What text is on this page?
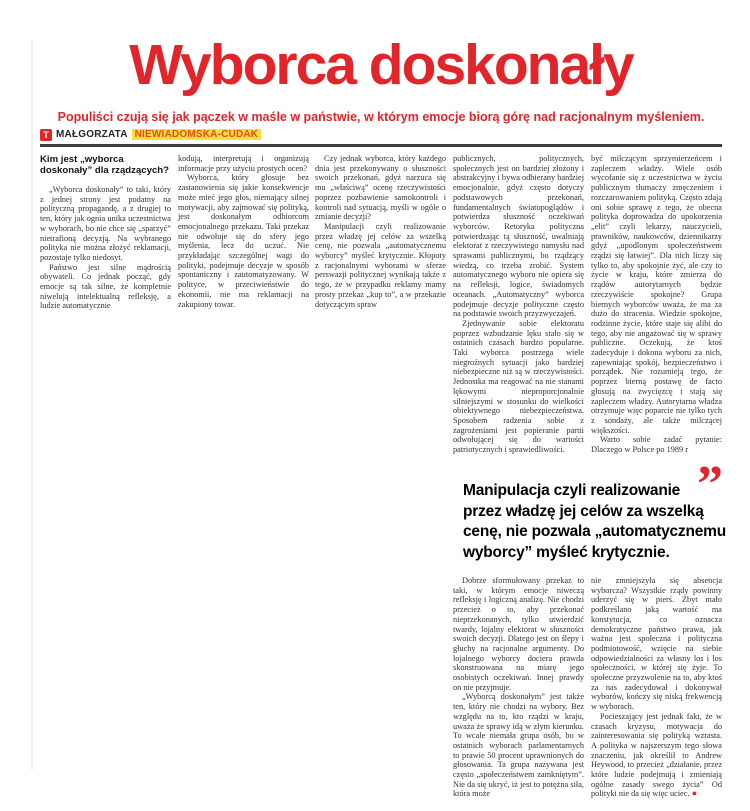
Wyborca doskonały
Populiści czują się jak pączek w maśle w państwie, w którym emocje biorą górę nad racjonalnym myśleniem.
T MAŁGORZATA NIEWIADOMSKA-CUDAK
Kim jest „wyborca doskonały” dla rządzących?

„Wyborca doskonały” to taki, który z jednej strony jest podatny na polityczną propagandę, a z drugiej to ten, który jak ognia unika uczestnictwa w wyborach, bo nie chce się „sparzyć” nietrafioną decyzją. Na wybranego polityka nie można złożyć reklamacji, pozostaje tylko niedosyt.

Państwo jest silne mądrością obywateli. Co jednak począć, gdy emocje są tak silne, że kompletnie niwelują intelektualną refleksję, a ludzie automatycznie

kodują, interpretują i organizują informacje przy użyciu prostych ocen?

Wyborca, który głosuje bez zastanowienia się jakie konsekwencje może mieć jego głos, niemający silnej motywacji, aby zajmować się polityką, jest doskonałym odbiorcom emocjonalnego przekazu. Taki przekaz nie odwołuje się do sfery jego myślenia, lecz do uczuć. Nie przykładając szczególnej wagi do polityki, podejmuje decyzje w sposób spontaniczny i zautomatyzowany. W polityce, w przeciwieństwie do ekonomii, nie ma reklamacji na zakupiony towar.

Czy jednak wyborca, który każdego dnia jest przekonywany o słuszności swoich przekonań, gdyż narzuca się mu „właściwą” ocenę rzeczywistości poprzez pozbawienie samokontroli i kontroli nad sytuacją, myśli w ogóle o zmianie decyzji?

Manipulacji czyli realizowanie przez władzę jej celów za wszelką cenę, nie pozwala „automatycznemu wyborcy” myśleć krytycznie. Kłopoty z racjonalnymi wyborami w sferze perswazji politycznej wynikają także z tego, że w przypadku reklamy mamy prosty przekaz „kup to”, a w przekazie dotyczącym spraw

publicznych, politycznych, społecznych jest on bardziej złożony i abstrakcyjny i bywa odbierany bardziej emocjonalnie, gdyż często dotyczy podstawowych przekonań, fundamentalnych światopoglądów i potwierdza słuszność oczekiwań wyborców. Retoryka polityczna potwierdzając tą słuszność, uwalniają elektorat z rzeczywistego namysłu nad sprawami publicznymi, bo rządzący wiedzą, co trzeba zrobić. System automatycznego wyboru nie opiera się na refleksji, logice, świadomych oceanach. „Automatyczny” wyborca podejmuje decyzje polityczne często na podstawie swoich przyzwyczajeń.

Zjednywanie sobie elektoratu poprzez wzbudzanie lęku stało się w ostatnich czasach bardzo popularne. Taki wyborca postrzega wiele niegroźnych sytuacji jako bardziej niebezpieczne niż są w rzeczywistości. Jednostka ma reagować na nie stanami lękowymi nieproporcjonalnie silniejszymi w stosunku do wielkości obiektywnego niebezpieczeństwa. Sposobem radzenia sobie z zagrożeniami jest popieranie partii odwołującej się do wartości patriotycznych i sprawiedliwości.

być milczącym sprzymierzeńcem i zapleczem władzy. Wiele osób wycofanie się z uczestnictwa w życiu publicznym tłumaczy zmęczeniem i rozczarowaniem polityką. Często zdają oni sobie sprawę z tego, że obecna polityka doprowadza do upokorzenia „elit” czyli lekarzy, nauczycieli, prawników, naukowców, dziennikarzy gdyż „upodlonym społeczeństwem rządzi się łatwiej”. Dla nich liczy się tylko to, aby spokojnie żyć, ale czy to życie w kraju, które zmierza do rządów autorytarnych będzie rzeczywiście spokojne? Grupa biernych wyborców uważa, że ma za dużo do stracenia. Wiedzie spokojne, rodzinne życie, które staje się alibi do tego, aby nie angażować się w sprawy publiczne. Oczekują, że ktoś zadecyduje i dokona wyboru za nich, zapewniając spokój, bezpieczeństwo i porządek. Nie rozumieją tego, że poprzez bierną postawę de facto głosują na zwycięzcę i stają się zapleczem władzy. Autorytarna władza otrzymuje więc poparcie nie tylko tych z sondaży, ale także milczącej większości.

Warto sobie zadać pytanie: Dlaczego w Polsce po 1989 r

”
Manipulacja czyli realizowanie
przez władzę jej celów za wszelką
cenę, nie pozwala „automatycznemu
wyborcy” myśleć krytycznie.

Dobrze sformułowany przekaz to taki, w którym emocje niweczą refleksję i logiczną analizę. Nie chodzi przecież o to, aby przekonać nieprzekonanych, tylko utwierdzić twardy, lojalny elektorat w słuszności swoich decyzji. Dlatego jest on ślepy i głuchy na racjonalne argumenty. Do lojalnego wyborcy dociera prawda skonstruowana na miarę jego osobistych oczekiwań. Innej prawdy on nie przyjmuje.

„Wyborcą doskonałym” jest także ten, który nie chodzi na wybory. Bez względu na to, kto rządzi w kraju, uważa że sprawy idą w złym kierunku. To wcale niemała grupa osób, bo w ostatnich wyborach parlamentarnych to prawie 50 procent uprawnionych do głosowania. Ta grupa nazywana jest często „społeczeństwem zamkniętym”. Nie da się ukryć, iż jest to potężna siła, która może

nie zmniejszyła się absencja wyborcza? Wszystkie rządy powinny uderzyć się w pierś. Zbyt mało podkreślano jaką wartość ma konstytucja, co oznacza demokratyczne państwo prawa, jak ważna jest społeczna i polityczna podmiotowość, wzięcie na siebie odpowiedzialności za własny los i los społeczności, w której się żyje. To społeczne przyzwolenie na to, aby ktoś za nas zadecydował i dokonywał wyborów, kończy się niską frekwencją w wyborach.

Pocieszający jest jednak fakt, że w czasach kryzysu, motywacja do zainteresowania się polityką wzrasta. A polityka w najszerszym tego słowa znaczeniu, jak określił to Andrew Heywood, to przecież „działanie, przez które ludzie podejmują i zmieniają ogólne zasady swego życia” Od polityki nie da się więc uciec. ●
